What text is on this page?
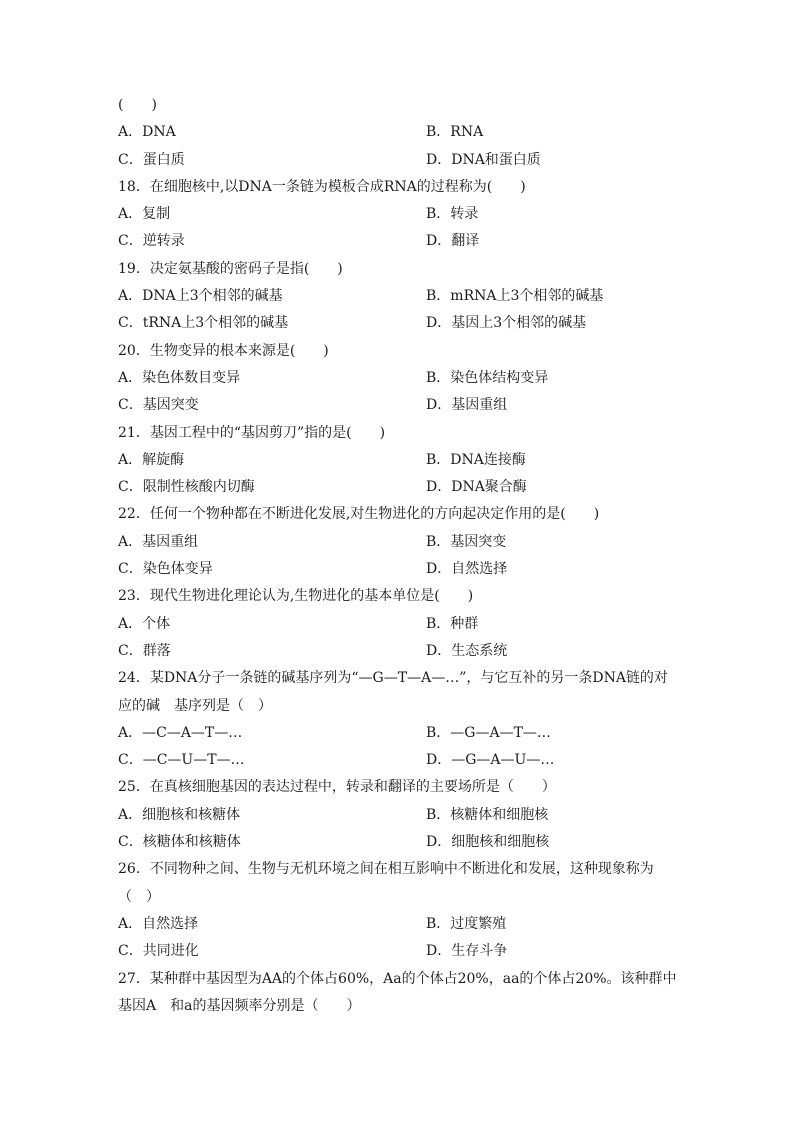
(　　)
A．DNA	B．RNA
C．蛋白质	D．DNA和蛋白质
18．在细胞核中,以DNA一条链为模板合成RNA的过程称为(　　)
A．复制	B．转录
C．逆转录	D．翻译
19．决定氨基酸的密码子是指(　　)
A．DNA上3个相邻的碱基	B．mRNA上3个相邻的碱基
C．tRNA上3个相邻的碱基	D．基因上3个相邻的碱基
20．生物变异的根本来源是(　　)
A．染色体数目变异	B．染色体结构变异
C．基因突变	D．基因重组
21．基因工程中的“基因剪刀”指的是(　　)
A．解旋酶	B．DNA连接酶
C．限制性核酸内切酶	D．DNA聚合酶
22．任何一个物种都在不断进化发展,对生物进化的方向起决定作用的是(　　)
A．基因重组	B．基因突变
C．染色体变异	D．自然选择
23．现代生物进化理论认为,生物进化的基本单位是(　　)
A．个体	B．种群
C．群落	D．生态系统
24．某DNA分子一条链的碱基序列为“—G—T—A—…”，与它互补的另一条DNA链的对
应的碱　基序列是（　）
A．—C—A—T—…	B．—G—A—T—…
C．—C—U—T—…	D．—G—A—U—…
25．在真核细胞基因的表达过程中，转录和翻译的主要场所是（　　）
A．细胞核和核糖体	B．核糖体和细胞核
C．核糖体和核糖体	D．细胞核和细胞核
26．不同物种之间、生物与无机环境之间在相互影响中不断进化和发展，这种现象称为
（　）
A．自然选择	B．过度繁殖
C．共同进化	D．生存斗争
27．某种群中基因型为AA的个体占60%，Aa的个体占20%，aa的个体占20%。该种群中
基因A　和a的基因频率分别是（　　）
